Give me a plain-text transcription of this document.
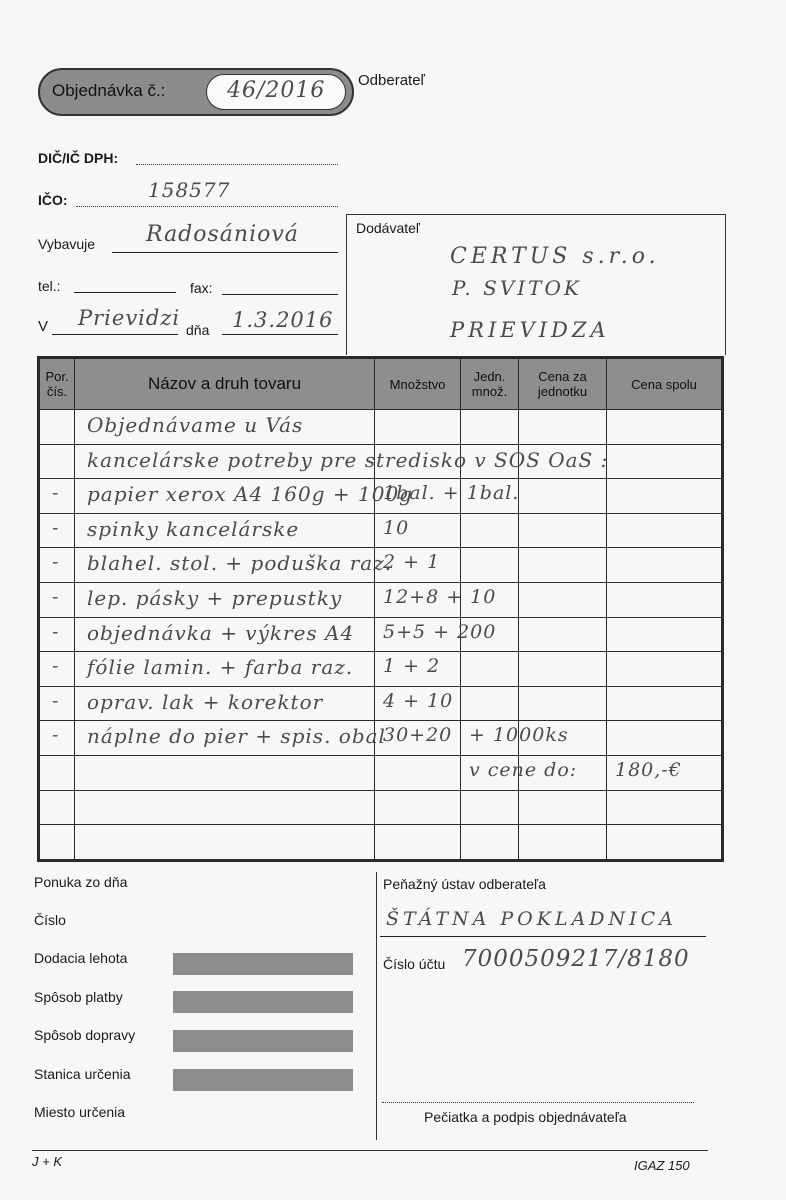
Objednávka č.:	46/2016 Odberateľ
DIČ/IČ DPH:
IČO:	158577
Vybavuje Radosániová
tel.:	fax:
V Prievidzi dňa 1.3.2016
Dodávateľ
CERTUS s.r.o.
P. SVITOK
PRIEVIDZA
Por. čís.	Názov a druh tovaru	Množstvo	Jedn. množ.	Cena za jednotku	Cena spolu

	Objednávame u Vás				

	kancelárske potreby pre stredisko v SOS OaS :				

-	papier xerox A4 160g + 100g	1bal. + 1bal.			

-	spinky kancelárske	10			

-	blahel. stol. + poduška raz.	2 + 1			

-	lep. pásky + prepustky	12+8 + 10			

-	objednávka + výkres A4	5+5 + 200			

-	fólie lamin. + farba raz.	1 + 2			

-	oprav. lak + korektor	4 + 10			

-	náplne do pier + spis. obal	30+20	+ 1000ks		

			v cene do:		180,-€

Ponuka zo dňa
Číslo
Dodacia lehota
Spôsob platby
Spôsob dopravy
Stanica určenia
Miesto určenia
Peňažný ústav odberateľa
ŠTÁTNA POKLADNICA
Číslo účtu 7000509217/8180
Pečiatka a podpis objednávateľa
J + K	IGAZ 150
